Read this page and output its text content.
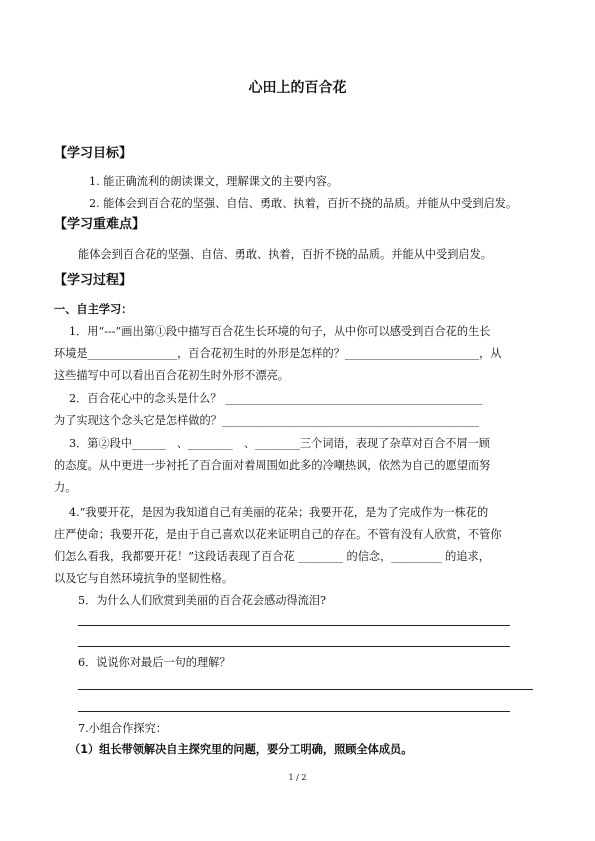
心田上的百合花
【学习目标】
1. 能正确流利的朗读课文，理解课文的主要内容。
2. 能体会到百合花的坚强、自信、勇敢、执着，百折不挠的品质。并能从中受到启发。
【学习重难点】
能体会到百合花的坚强、自信、勇敢、执着，百折不挠的品质。并能从中受到启发。
【学习过程】
一、自主学习：
1．用“---”画出第①段中描写百合花生长环境的句子，从中你可以感受到百合花的生长
环境是________________，百合花初生时的外形是怎样的？________________________，从
这些描写中可以看出百合花初生时外形不漂亮。
2．百合花心中的念头是什么？ ______________________________________________
为了实现这个念头它是怎样做的？______________________________________________
3．第②段中______　、________　、________三个词语，表现了杂草对百合不屑一顾
的态度。从中更进一步衬托了百合面对着周围如此多的冷嘲热讽，依然为自己的愿望而努
力。
4.“我要开花，是因为我知道自己有美丽的花朵；我要开花，是为了完成作为一株花的
庄严使命；我要开花，是由于自己喜欢以花来证明自己的存在。不管有没有人欣赏，不管你
们怎么看我，我都要开花！”这段话表现了百合花 ________ 的信念，_________ 的追求，
以及它与自然环境抗争的坚韧性格。
5．为什么人们欣赏到美丽的百合花会感动得流泪?
6．说说你对最后一句的理解？
7.小组合作探究：
（1）组长带领解决自主探究里的问题，要分工明确，照顾全体成员。
1 / 2
